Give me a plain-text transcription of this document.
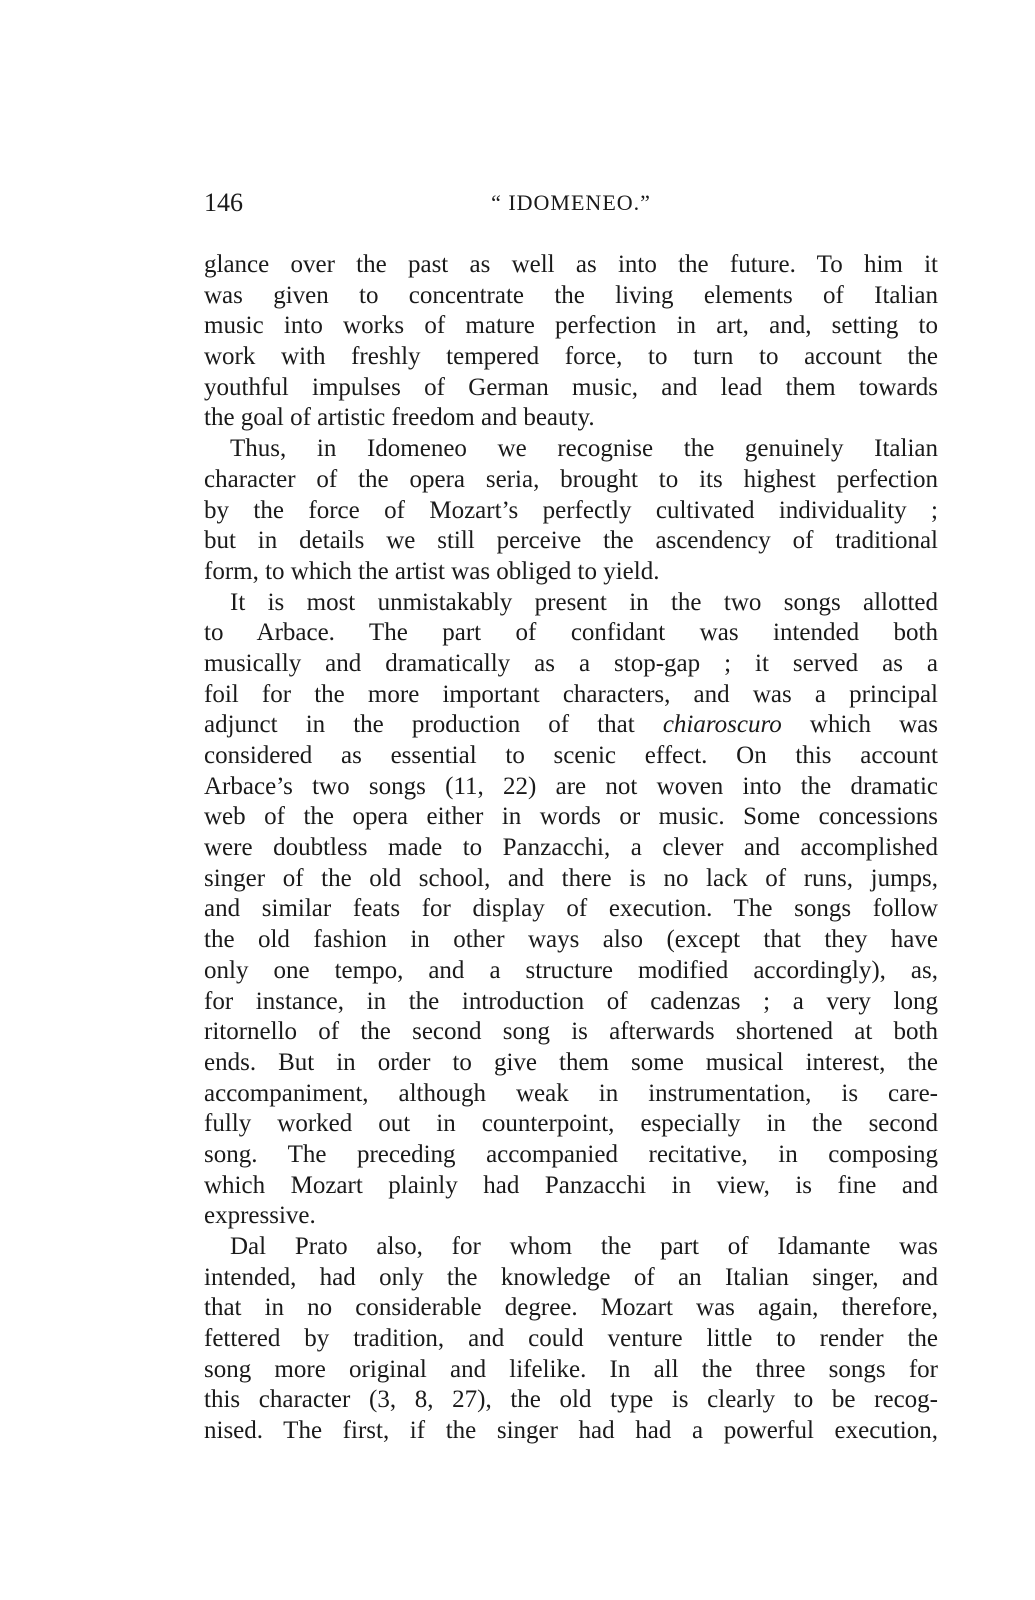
146	“ IDOMENEO.”
glance over the past as well as into the future. To him it
was given to concentrate the living elements of Italian
music into works of mature perfection in art, and, setting to
work with freshly tempered force, to turn to account the
youthful impulses of German music, and lead them towards
the goal of artistic freedom and beauty.
Thus, in Idomeneo we recognise the genuinely Italian
character of the opera seria, brought to its highest perfection
by the force of Mozart’s perfectly cultivated individuality ;
but in details we still perceive the ascendency of traditional
form, to which the artist was obliged to yield.
It is most unmistakably present in the two songs allotted
to Arbace. The part of confidant was intended both
musically and dramatically as a stop-gap ; it served as a
foil for the more important characters, and was a principal
adjunct in the production of that chiaroscuro which was
considered as essential to scenic effect. On this account
Arbace’s two songs (11, 22) are not woven into the dramatic
web of the opera either in words or music. Some concessions
were doubtless made to Panzacchi, a clever and accomplished
singer of the old school, and there is no lack of runs, jumps,
and similar feats for display of execution. The songs follow
the old fashion in other ways also (except that they have
only one tempo, and a structure modified accordingly), as,
for instance, in the introduction of cadenzas ; a very long
ritornello of the second song is afterwards shortened at both
ends. But in order to give them some musical interest, the
accompaniment, although weak in instrumentation, is care-
fully worked out in counterpoint, especially in the second
song. The preceding accompanied recitative, in composing
which Mozart plainly had Panzacchi in view, is fine and
expressive.
Dal Prato also, for whom the part of Idamante was
intended, had only the knowledge of an Italian singer, and
that in no considerable degree. Mozart was again, therefore,
fettered by tradition, and could venture little to render the
song more original and lifelike. In all the three songs for
this character (3, 8, 27), the old type is clearly to be recog-
nised. The first, if the singer had had a powerful execution,
